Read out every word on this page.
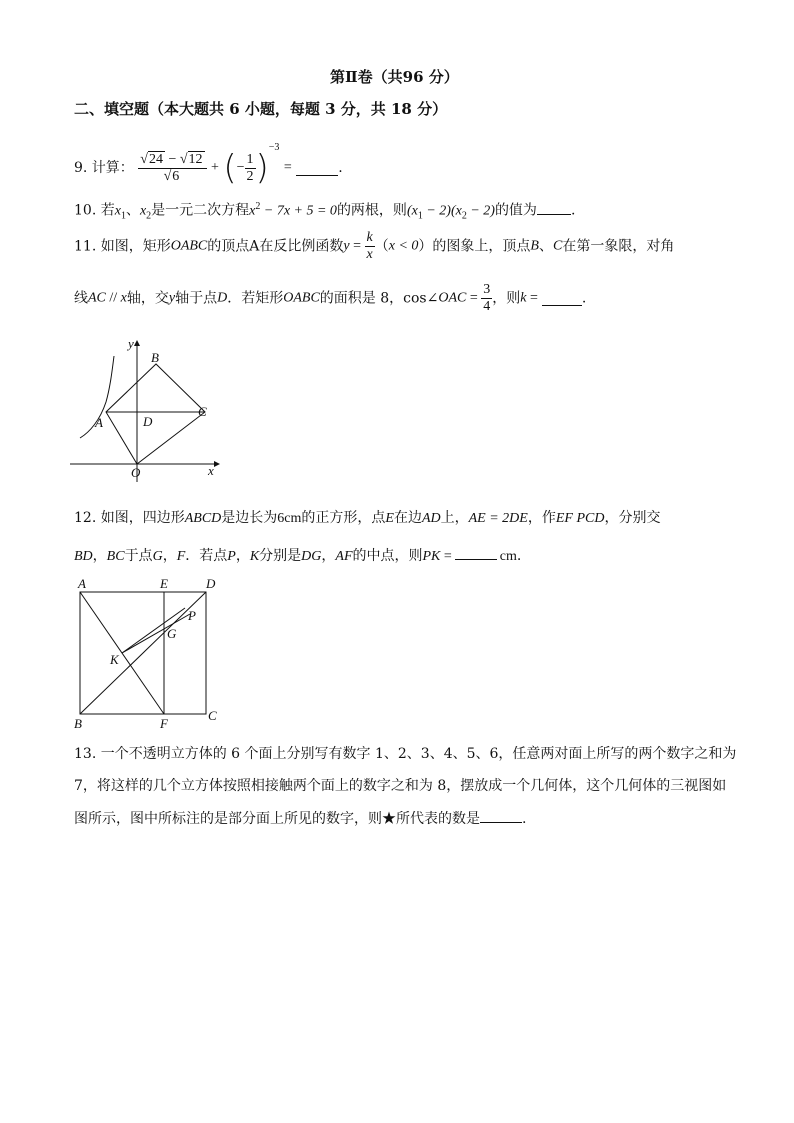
第Ⅱ卷（共96 分）
二、填空题（本大题共 6 小题，每题 3 分，共 18 分）
9. 计算： $\frac{√24 - √12}{√6}$ + (− $\frac{1}{2} )^{-3}$ =	.
10. 若$x_1$、$x_2$是一元二次方程$x^2 - 7x + 5 = 0$的两根，则$(x_1 - 2)(x_2 - 2)$的值为 .
11. 如图，矩形OABC的顶点A在反比例函数$y = \frac{k}{x} (x < 0)$的图象上，顶点B、C在第一象限，对角
线AC // x轴，交y轴于点D．若矩形OABC的面积是 8，cos∠OAC = $\frac{3}{4}$ ，则k =	.
y
x
B
C
A	D
O
12. 如图，四边形ABCD是边长为6cm的正方形，点E在边AD上，AE = 2DE，作EF PCD，分别交
BD，BC于点G，F．若点P，K分别是DG，AF的中点，则PK =	cm.
A	E	D
P
G
K
B	F
C
13. 一个不透明立方体的 6 个面上分别写有数字 1、2、3、4、5、6，任意两对面上所写的两个数字之和为
7，将这样的几个立方体按照相接触两个面上的数字之和为 8，摆放成一个几何体，这个几何体的三视图如
图所示，图中所标注的是部分面上所见的数字，则★所代表的数是	.
